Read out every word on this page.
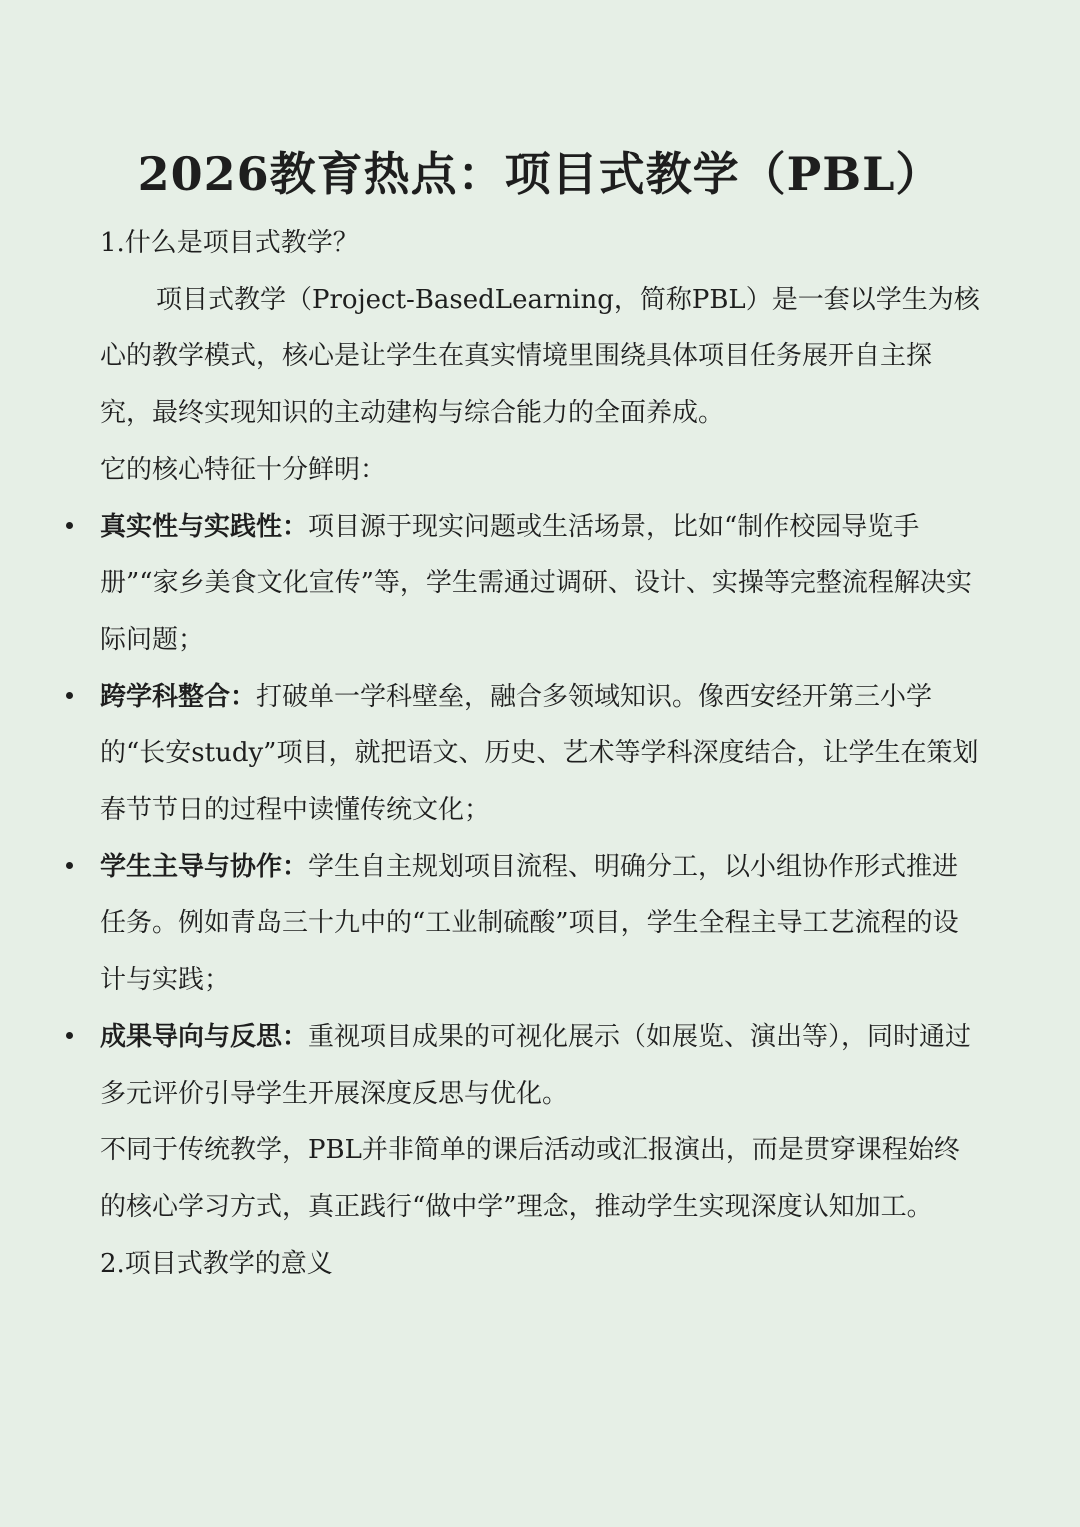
2026教育热点：项目式教学（PBL）

1.什么是项目式教学？

项目式教学（Project-BasedLearning，简称PBL）是一套以学生为核心的教学模式，核心是让学生在真实情境里围绕具体项目任务展开自主探究，最终实现知识的主动建构与综合能力的全面养成。

它的核心特征十分鲜明：

真实性与实践性：项目源于现实问题或生活场景，比如“制作校园导览手册”“家乡美食文化宣传”等，学生需通过调研、设计、实操等完整流程解决实际问题；
跨学科整合：打破单一学科壁垒，融合多领域知识。像西安经开第三小学的“长安study”项目，就把语文、历史、艺术等学科深度结合，让学生在策划春节节日的过程中读懂传统文化；
学生主导与协作：学生自主规划项目流程、明确分工，以小组协作形式推进任务。例如青岛三十九中的“工业制硫酸”项目，学生全程主导工艺流程的设计与实践；
成果导向与反思：重视项目成果的可视化展示（如展览、演出等），同时通过多元评价引导学生开展深度反思与优化。

不同于传统教学，PBL并非简单的课后活动或汇报演出，而是贯穿课程始终的核心学习方式，真正践行“做中学”理念，推动学生实现深度认知加工。

2.项目式教学的意义
